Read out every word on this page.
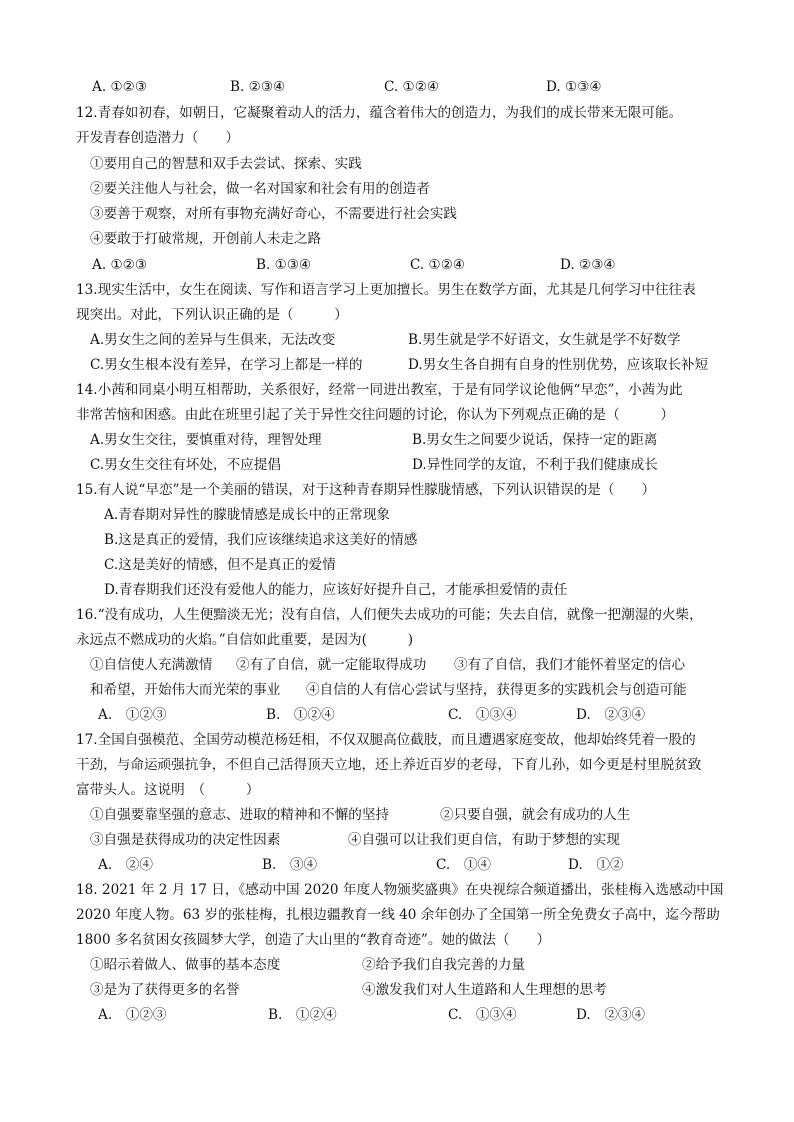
A. ①②③	B. ②③④	C. ①②④	D. ①③④
12.青春如初春，如朝日，它凝聚着动人的活力，蕴含着伟大的创造力，为我们的成长带来无限可能。
开发青春创造潜力（　　）
①要用自己的智慧和双手去尝试、探索、实践
②要关注他人与社会，做一名对国家和社会有用的创造者
③要善于观察，对所有事物充满好奇心，不需要进行社会实践
④要敢于打破常规，开创前人未走之路
A. ①②③	B. ①③④	C. ①②④	D. ②③④
13.现实生活中，女生在阅读、写作和语言学习上更加擅长。男生在数学方面，尤其是几何学习中往往表
现突出。对此，下列认识正确的是（　　　）
A.男女生之间的差异与生俱来，无法改变	B.男生就是学不好语文，女生就是学不好数学
C.男女生根本没有差异，在学习上都是一样的	D.男女生各自拥有自身的性别优势，应该取长补短
14.小茜和同桌小明互相帮助，关系很好，经常一同进出教室，于是有同学议论他俩“早恋”，小茜为此
非常苦恼和困惑。由此在班里引起了关于异性交往问题的讨论，你认为下列观点正确的是（　　　）
A.男女生交往，要慎重对待，理智处理	B.男女生之间要少说话，保持一定的距离
C.男女生交往有坏处，不应提倡	D.异性同学的友谊，不利于我们健康成长
15.有人说“早恋”是一个美丽的错误，对于这种青春期异性朦胧情感，下列认识错误的是（　　）
A.青春期对异性的朦胧情感是成长中的正常现象
B.这是真正的爱情，我们应该继续追求这美好的情感
C.这是美好的情感，但不是真正的爱情
D.青春期我们还没有爱他人的能力，应该好好提升自己，才能承担爱情的责任
16.“没有成功，人生便黯淡无光；没有自信，人们便失去成功的可能；失去自信，就像一把潮湿的火柴，
永远点不燃成功的火焰。”自信如此重要，是因为(　　　)
①自信使人充满激情 ②有了自信，就一定能取得成功 ③有了自信，我们才能怀着坚定的信心
和希望，开始伟大而光荣的事业 ④自信的人有信心尝试与坚持，获得更多的实践机会与创造可能
A.　①②③	B.　①②④	C.　①③④	D.　②③④
17.全国自强模范、全国劳动模范杨廷相，不仅双腿高位截肢，而且遭遇家庭变故，他却始终凭着一股的
干劲，与命运顽强抗争，不但自己活得顶天立地，还上养近百岁的老母，下育儿孙，如今更是村里脱贫致
富带头人。这说明　（　　　）
①自强要靠坚强的意志、进取的精神和不懈的坚持	②只要自强，就会有成功的人生
③自强是获得成功的决定性因素	④自强可以让我们更自信，有助于梦想的实现
A.　②④	B.　③④	C.　①④	D.　①②
18. 2021 年 2 月 17 日，《感动中国 2020 年度人物颁奖盛典》在央视综合频道播出，张桂梅入选感动中国
2020 年度人物。63 岁的张桂梅，扎根边疆教育一线 40 余年创办了全国第一所全免费女子高中，迄今帮助
1800 多名贫困女孩圆梦大学，创造了大山里的“教育奇迹”。她的做法（　　）
①昭示着做人、做事的基本态度	②给予我们自我完善的力量
③是为了获得更多的名誉	④激发我们对人生道路和人生理想的思考
A.　①②③	B.　①②④	C.　①③④	D.　②③④
